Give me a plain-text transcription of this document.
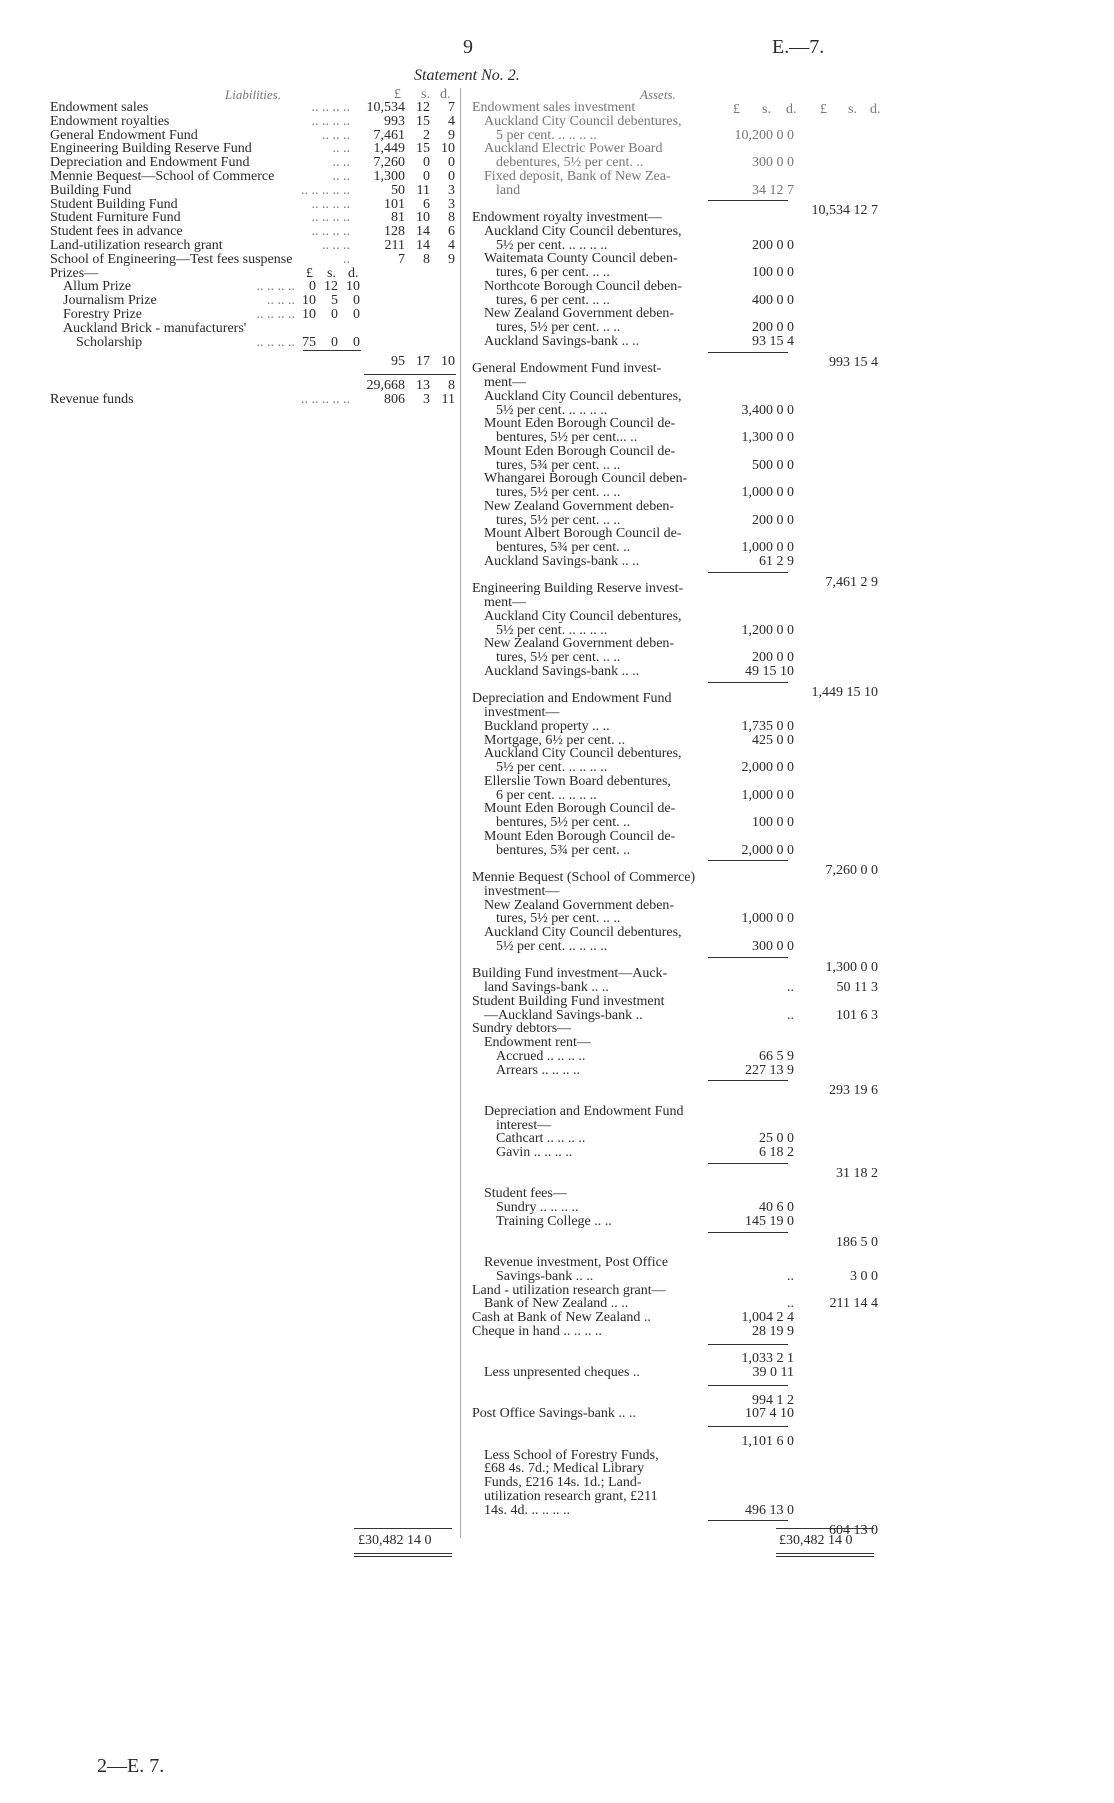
9	E.—7.
Statement No. 2.
Liabilities.	£ s. d.
Endowment sales	.. .. .. ..	10,534 12	7
Endowment royalties	.. .. .. ..	993 15	4
General Endowment Fund	.. .. ..	7,461	2	9
Engineering Building Reserve Fund	.. ..	1,449 15 10
Depreciation and Endowment Fund	.. ..	7,260	0	0
Mennie Bequest—School of Commerce	.. ..	1,300	0	0
Building Fund	.. .. .. .. ..	50 11	3
Student Building Fund	.. .. .. ..	101	6	3
Student Furniture Fund	.. .. .. ..	81 10	8
Student fees in advance	.. .. .. ..	128 14	6
Land-utilization research grant	.. .. ..	211 14	4
School of Engineering—Test fees suspense	..	7	8	9
Prizes—	£ s. d.
Allum Prize	.. .. .. ..	0 12 10
Journalism Prize	.. .. .. 10	5	0
Forestry Prize	.. .. .. .. 10	0	0
Auckland Brick - manufacturers'
Scholarship	.. .. .. .. 75	0	0
95 17 10
29,668 13	8
Revenue funds	.. .. .. .. ..	806	3 11
Assets.
£ s. d. £ s. d.
Endowment sales investment
Auckland City Council debentures,
5 per cent. .. .. .. ..	10,200 0 0
Auckland Electric Power Board
debentures, 5½ per cent. ..	300 0 0
Fixed deposit, Bank of New Zea-
land	34 12 7
10,534 12 7
Endowment royalty investment—
Auckland City Council debentures,
5½ per cent. .. .. .. ..	200 0 0
Waitemata County Council deben-
tures, 6 per cent. .. ..	100 0 0
Northcote Borough Council deben-
tures, 6 per cent. .. ..	400 0 0
New Zealand Government deben-
tures, 5½ per cent. .. ..	200 0 0
Auckland Savings-bank .. ..	93 15 4
993 15 4
General Endowment Fund invest-
ment—
Auckland City Council debentures,
5½ per cent. .. .. .. ..	3,400 0 0
Mount Eden Borough Council de-
bentures, 5½ per cent... ..	1,300 0 0
Mount Eden Borough Council de-
tures, 5¾ per cent. .. ..	500 0 0
Whangarei Borough Council deben-
tures, 5½ per cent. .. ..	1,000 0 0
New Zealand Government deben-
tures, 5½ per cent. .. ..	200 0 0
Mount Albert Borough Council de-
bentures, 5¾ per cent. ..	1,000 0 0
Auckland Savings-bank .. ..	61 2 9
7,461 2 9
Engineering Building Reserve invest-
ment—
Auckland City Council debentures,
5½ per cent. .. .. .. ..	1,200 0 0
New Zealand Government deben-
tures, 5½ per cent. .. ..	200 0 0
Auckland Savings-bank .. ..	49 15 10
1,449 15 10
Depreciation and Endowment Fund
investment—
Buckland property .. ..	1,735 0 0
Mortgage, 6½ per cent. ..	425 0 0
Auckland City Council debentures,
5½ per cent. .. .. .. ..	2,000 0 0
Ellerslie Town Board debentures,
6 per cent. .. .. .. ..	1,000 0 0
Mount Eden Borough Council de-
bentures, 5½ per cent. ..	100 0 0
Mount Eden Borough Council de-
bentures, 5¾ per cent. ..	2,000 0 0
7,260 0 0
Mennie Bequest (School of Commerce)
investment—
New Zealand Government deben-
tures, 5½ per cent. .. ..	1,000 0 0
Auckland City Council debentures,
5½ per cent. .. .. .. ..	300 0 0
1,300 0 0
Building Fund investment—Auck-
land Savings-bank .. ..	..	50 11 3
Student Building Fund investment
—Auckland Savings-bank ..	..	101 6 3
Sundry debtors—
Endowment rent—
Accrued .. .. .. ..	66 5 9
Arrears .. .. .. ..	227 13 9
293 19 6
Depreciation and Endowment Fund
interest—
Cathcart .. .. .. ..	25 0 0
Gavin .. .. .. ..	6 18 2
31 18 2
Student fees—
Sundry .. .. .. ..	40 6 0
Training College .. ..	145 19 0
186 5 0
Revenue investment, Post Office
Savings-bank .. ..	..	3 0 0
Land - utilization research grant—
Bank of New Zealand .. ..	..	211 14 4
Cash at Bank of New Zealand ..	1,004 2 4
Cheque in hand .. .. .. ..	28 19 9
1,033 2 1
Less unpresented cheques ..	39 0 11
994 1 2
Post Office Savings-bank .. ..	107 4 10
1,101 6 0
Less School of Forestry Funds,
£68 4s. 7d.; Medical Library
Funds, £216 14s. 1d.; Land-
utilization research grant, £211
14s. 4d. .. .. .. ..	496 13 0
604 13 0
£30,482 14 0	£30,482 14 0
2—E. 7.
